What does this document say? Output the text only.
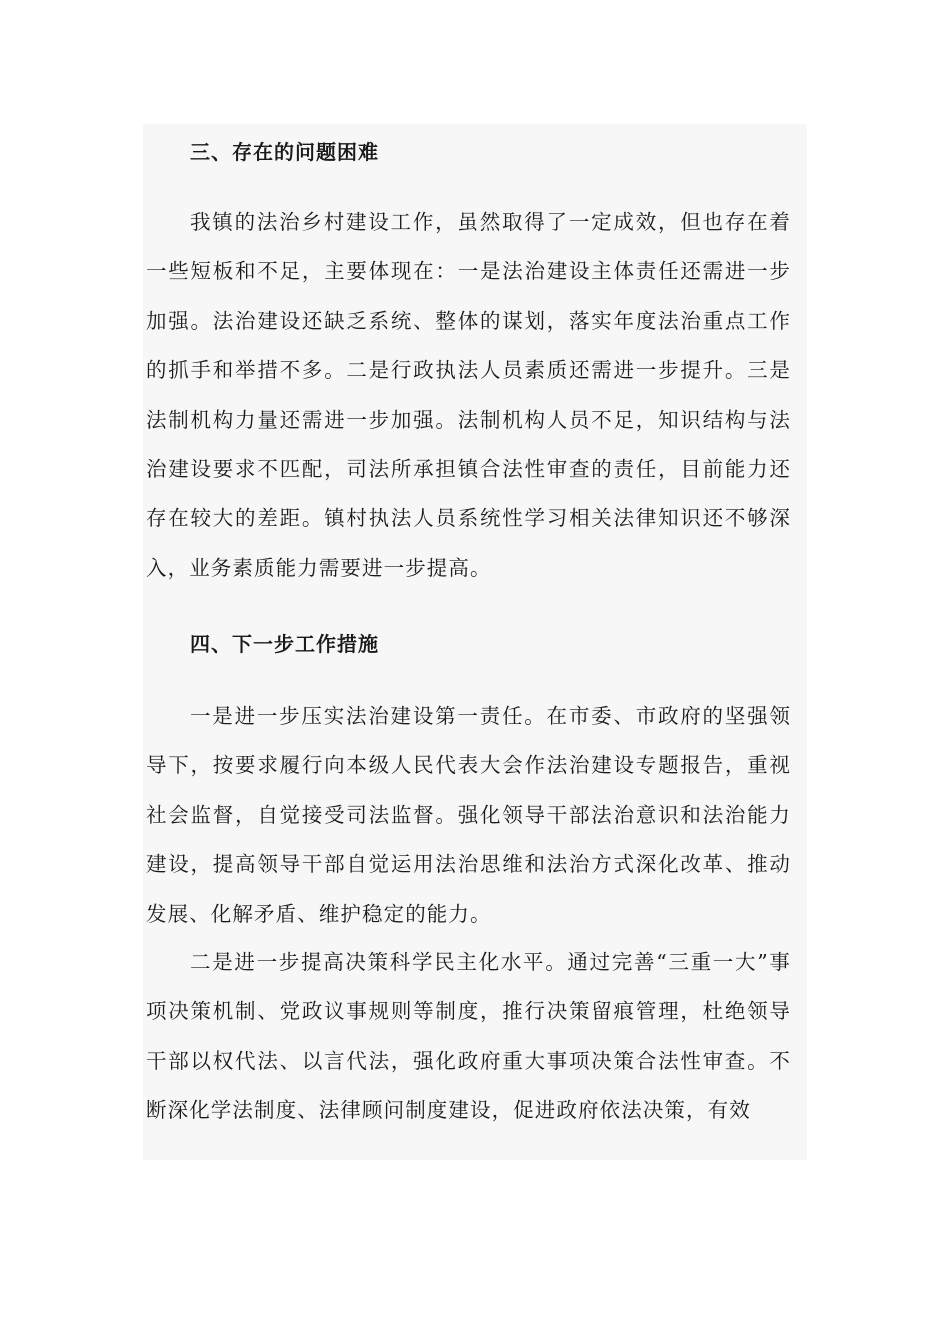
三、存在的问题困难

我镇的法治乡村建设工作，虽然取得了一定成效，但也存在着一些短板和不足，主要体现在：一是法治建设主体责任还需进一步加强。法治建设还缺乏系统、整体的谋划，落实年度法治重点工作的抓手和举措不多。二是行政执法人员素质还需进一步提升。三是法制机构力量还需进一步加强。法制机构人员不足，知识结构与法治建设要求不匹配，司法所承担镇合法性审查的责任，目前能力还存在较大的差距。镇村执法人员系统性学习相关法律知识还不够深入，业务素质能力需要进一步提高。

四、下一步工作措施

一是进一步压实法治建设第一责任。在市委、市政府的坚强领导下，按要求履行向本级人民代表大会作法治建设专题报告，重视社会监督，自觉接受司法监督。强化领导干部法治意识和法治能力建设，提高领导干部自觉运用法治思维和法治方式深化改革、推动发展、化解矛盾、维护稳定的能力。

二是进一步提高决策科学民主化水平。通过完善“三重一大”事项决策机制、党政议事规则等制度，推行决策留痕管理，杜绝领导干部以权代法、以言代法，强化政府重大事项决策合法性审查。不断深化学法制度、法律顾问制度建设，促进政府依法决策，有效
